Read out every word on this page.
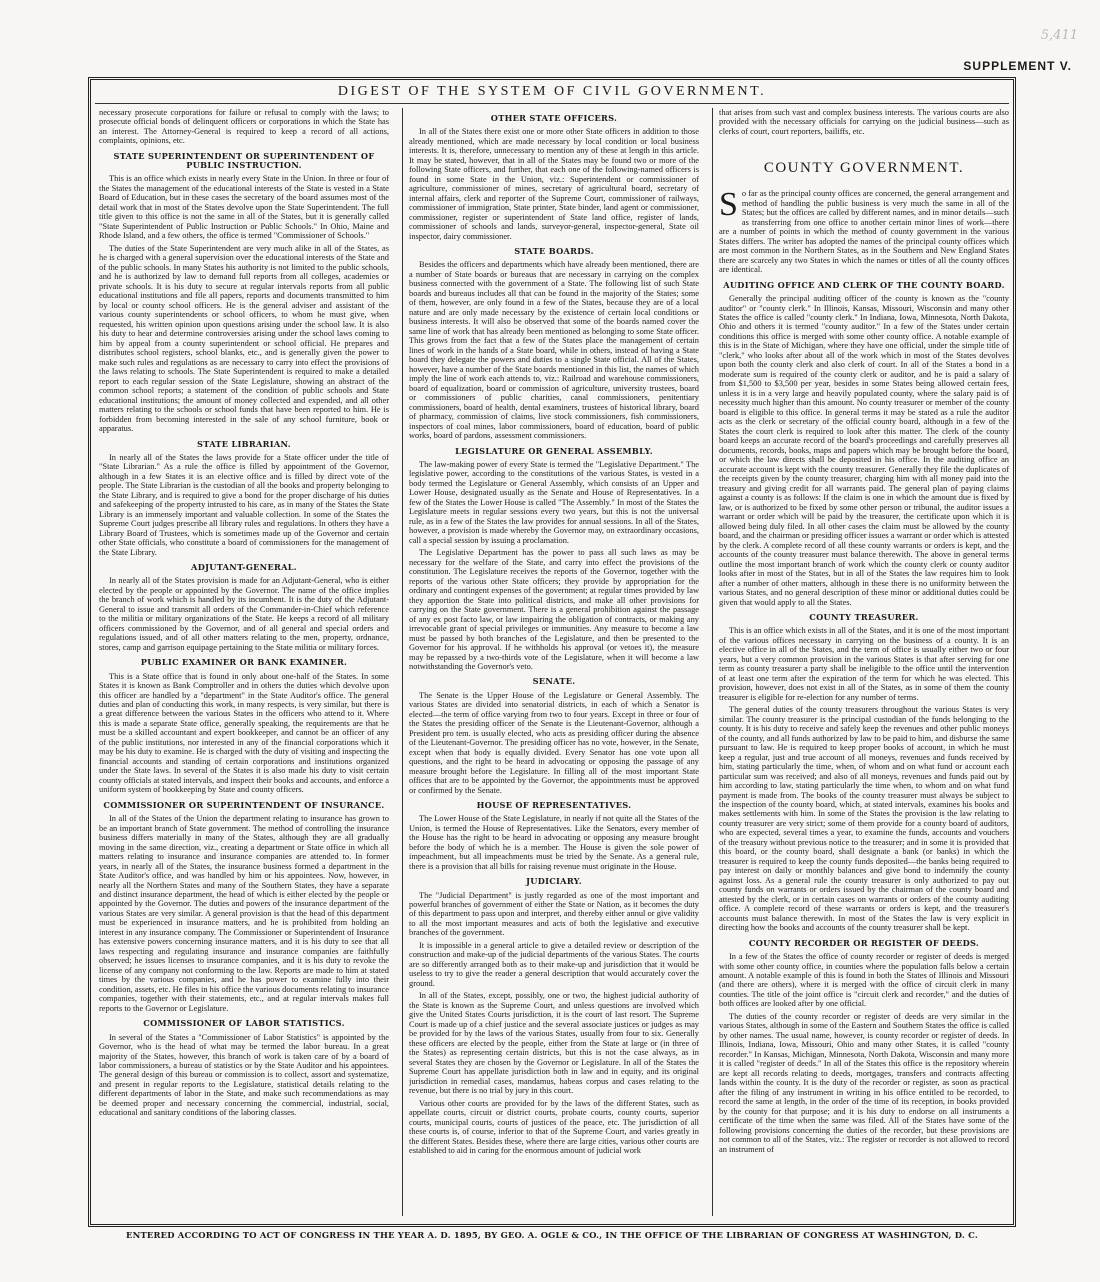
5,411
SUPPLEMENT V.
DIGEST OF THE SYSTEM OF CIVIL GOVERNMENT.

necessary prosecute corporations for failure or refusal to comply with the laws; to prosecute official bonds of delinquent officers or corporations in which the State has an interest. The Attorney-General is required to keep a record of all actions, complaints, opinions, etc.

STATE SUPERINTENDENT OR SUPERINTENDENT OF PUBLIC INSTRUCTION.

This is an office which exists in nearly every State in the Union. In three or four of the States the management of the educational interests of the State is vested in a State Board of Education, but in these cases the secretary of the board assumes most of the detail work that in most of the States devolve upon the State Superintendent. The full title given to this office is not the same in all of the States, but it is generally called "State Superintendent of Public Instruction or Public Schools." In Ohio, Maine and Rhode Island, and a few others, the office is termed "Commissioner of Schools."

The duties of the State Superintendent are very much alike in all of the States, as he is charged with a general supervision over the educational interests of the State and of the public schools. In many States his authority is not limited to the public schools, and he is authorized by law to demand full reports from all colleges, academies or private schools. It is his duty to secure at regular intervals reports from all public educational institutions and file all papers, reports and documents transmitted to him by local or county school officers. He is the general adviser and assistant of the various county superintendents or school officers, to whom he must give, when requested, his written opinion upon questions arising under the school law. It is also his duty to hear and determine controversies arising under the school laws coming to him by appeal from a county superintendent or school official. He prepares and distributes school registers, school blanks, etc., and is generally given the power to make such rules and regulations as are necessary to carry into effect the provisions of the laws relating to schools. The State Superintendent is required to make a detailed report to each regular session of the State Legislature, showing an abstract of the common school reports; a statement of the condition of public schools and State educational institutions; the amount of money collected and expended, and all other matters relating to the schools or school funds that have been reported to him. He is forbidden from becoming interested in the sale of any school furniture, book or apparatus.

STATE LIBRARIAN.

In nearly all of the States the laws provide for a State officer under the title of "State Librarian." As a rule the office is filled by appointment of the Governor, although in a few States it is an elective office and is filled by direct vote of the people. The State Librarian is the custodian of all the books and property belonging to the State Library, and is required to give a bond for the proper discharge of his duties and safekeeping of the property intrusted to his care, as in many of the States the State Library is an immensely important and valuable collection. In some of the States the Supreme Court judges prescribe all library rules and regulations. In others they have a Library Board of Trustees, which is sometimes made up of the Governor and certain other State officials, who constitute a board of commissioners for the management of the State Library.

ADJUTANT-GENERAL.

In nearly all of the States provision is made for an Adjutant-General, who is either elected by the people or appointed by the Governor. The name of the office implies the branch of work which is handled by its incumbent. It is the duty of the Adjutant-General to issue and transmit all orders of the Commander-in-Chief which reference to the militia or military organizations of the State. He keeps a record of all military officers commissioned by the Governor, and of all general and special orders and regulations issued, and of all other matters relating to the men, property, ordnance, stores, camp and garrison equipage pertaining to the State militia or military forces.

PUBLIC EXAMINER OR BANK EXAMINER.

This is a State office that is found in only about one-half of the States. In some States it is known as Bank Comptroller and in others the duties which devolve upon this officer are handled by a "department" in the State Auditor's office. The general duties and plan of conducting this work, in many respects, is very similar, but there is a great difference between the various States in the officers who attend to it. Where this is made a separate State office, generally speaking, the requirements are that he must be a skilled accountant and expert bookkeeper, and cannot be an officer of any of the public institutions, nor interested in any of the financial corporations which it may be his duty to examine. He is charged with the duty of visiting and inspecting the financial accounts and standing of certain corporations and institutions organized under the State laws. In several of the States it is also made his duty to visit certain county officials at stated intervals, and inspect their books and accounts, and enforce a uniform system of bookkeeping by State and county officers.

COMMISSIONER OR SUPERINTENDENT OF INSURANCE.

In all of the States of the Union the department relating to insurance has grown to be an important branch of State government. The method of controlling the insurance business differs materially in many of the States, although they are all gradually moving in the same direction, viz., creating a department or State office in which all matters relating to insurance and insurance companies are attended to. In former years, in nearly all of the States, the insurance business formed a department in the State Auditor's office, and was handled by him or his appointees. Now, however, in nearly all the Northern States and many of the Southern States, they have a separate and distinct insurance department, the head of which is either elected by the people or appointed by the Governor. The duties and powers of the insurance department of the various States are very similar. A general provision is that the head of this department must be experienced in insurance matters, and he is prohibited from holding an interest in any insurance company. The Commissioner or Superintendent of Insurance has extensive powers concerning insurance matters, and it is his duty to see that all laws respecting and regulating insurance and insurance companies are faithfully observed; he issues licenses to insurance companies, and it is his duty to revoke the license of any company not conforming to the law. Reports are made to him at stated times by the various companies, and he has power to examine fully into their condition, assets, etc. He files in his office the various documents relating to insurance companies, together with their statements, etc., and at regular intervals makes full reports to the Governor or Legislature.

COMMISSIONER OF LABOR STATISTICS.

In several of the States a "Commissioner of Labor Statistics" is appointed by the Governor, who is the head of what may be termed the labor bureau. In a great majority of the States, however, this branch of work is taken care of by a board of labor commissioners, a bureau of statistics or by the State Auditor and his appointees. The general design of this bureau or commission is to collect, assort and systematize, and present in regular reports to the Legislature, statistical details relating to the different departments of labor in the State, and make such recommendations as may be deemed proper and necessary concerning the commercial, industrial, social, educational and sanitary conditions of the laboring classes.

OTHER STATE OFFICERS.

In all of the States there exist one or more other State officers in addition to those already mentioned, which are made necessary by local condition or local business interests. It is, therefore, unnecessary to mention any of these at length in this article. It may be stated, however, that in all of the States may be found two or more of the following State officers, and further, that each one of the following-named officers is found in some State in the Union, viz.: Superintendent or commissioner of agriculture, commissioner of mines, secretary of agricultural board, secretary of internal affairs, clerk and reporter of the Supreme Court, commissioner of railways, commissioner of immigration, State printer, State binder, land agent or commissioner, commissioner, register or superintendent of State land office, register of lands, commissioner of schools and lands, surveyor-general, inspector-general, State oil inspector, dairy commissioner.

STATE BOARDS.

Besides the officers and departments which have already been mentioned, there are a number of State boards or bureaus that are necessary in carrying on the complex business connected with the government of a State. The following list of such State boards and bureaus includes all that can be found in the majority of the States; some of them, however, are only found in a few of the States, because they are of a local nature and are only made necessary by the existence of certain local conditions or business interests. It will also be observed that some of the boards named cover the same line of work that has already been mentioned as belonging to some State officer. This grows from the fact that a few of the States place the management of certain lines of work in the hands of a State board, while in others, instead of having a State board they delegate the powers and duties to a single State official. All of the States, however, have a number of the State boards mentioned in this list, the names of which imply the line of work each attends to, viz.: Railroad and warehouse commissioners, board of equalization, board or commission of agriculture, university trustees, board or commissioners of public charities, canal commissioners, penitentiary commissioners, board of health, dental examiners, trustees of historical library, board of pharmacy, commission of claims, live stock commissioners, fish commissioners, inspectors of coal mines, labor commissioners, board of education, board of public works, board of pardons, assessment commissioners.

LEGISLATURE OR GENERAL ASSEMBLY.

The law-making power of every State is termed the "Legislative Department." The legislative power, according to the constitutions of the various States, is vested in a body termed the Legislature or General Assembly, which consists of an Upper and Lower House, designated usually as the Senate and House of Representatives. In a few of the States the Lower House is called "The Assembly." In most of the States the Legislature meets in regular sessions every two years, but this is not the universal rule, as in a few of the States the law provides for annual sessions. In all of the States, however, a provision is made whereby the Governor may, on extraordinary occasions, call a special session by issuing a proclamation.

The Legislative Department has the power to pass all such laws as may be necessary for the welfare of the State, and carry into effect the provisions of the constitution. The Legislature receives the reports of the Governor, together with the reports of the various other State officers; they provide by appropriation for the ordinary and contingent expenses of the government; at regular times provided by law they apportion the State into political districts, and make all other provisions for carrying on the State government. There is a general prohibition against the passage of any ex post facto law, or law impairing the obligation of contracts, or making any irrevocable grant of special privileges or immunities. Any measure to become a law must be passed by both branches of the Legislature, and then be presented to the Governor for his approval. If he withholds his approval (or vetoes it), the measure may be repassed by a two-thirds vote of the Legislature, when it will become a law notwithstanding the Governor's veto.

SENATE.

The Senate is the Upper House of the Legislature or General Assembly. The various States are divided into senatorial districts, in each of which a Senator is elected—the term of office varying from two to four years. Except in three or four of the States the presiding officer of the Senate is the Lieutenant-Governor, although a President pro tem. is usually elected, who acts as presiding officer during the absence of the Lieutenant-Governor. The presiding officer has no vote, however, in the Senate, except when that body is equally divided. Every Senator has one vote upon all questions, and the right to be heard in advocating or opposing the passage of any measure brought before the Legislature. In filling all of the most important State offices that are to be appointed by the Governor, the appointments must be approved or confirmed by the Senate.

HOUSE OF REPRESENTATIVES.

The Lower House of the State Legislature, in nearly if not quite all the States of the Union, is termed the House of Representatives. Like the Senators, every member of the House has the right to be heard in advocating or opposing any measure brought before the body of which he is a member. The House is given the sole power of impeachment, but all impeachments must be tried by the Senate. As a general rule, there is a provision that all bills for raising revenue must originate in the House.

JUDICIARY.

The "Judicial Department" is justly regarded as one of the most important and powerful branches of government of either the State or Nation, as it becomes the duty of this department to pass upon and interpret, and thereby either annul or give validity to all the most important measures and acts of both the legislative and executive branches of the government.

It is impossible in a general article to give a detailed review or description of the construction and make-up of the judicial departments of the various States. The courts are so differently arranged both as to their make-up and jurisdiction that it would be useless to try to give the reader a general description that would accurately cover the ground.

In all of the States, except, possibly, one or two, the highest judicial authority of the State is known as the Supreme Court, and unless questions are involved which give the United States Courts jurisdiction, it is the court of last resort. The Supreme Court is made up of a chief justice and the several associate justices or judges as may be provided for by the laws of the various States, usually from four to six. Generally these officers are elected by the people, either from the State at large or (in three of the States) as representing certain districts, but this is not the case always, as in several States they are chosen by the Governor or Legislature. In all of the States the Supreme Court has appellate jurisdiction both in law and in equity, and its original jurisdiction in remedial cases, mandamus, habeas corpus and cases relating to the revenue, but there is no trial by jury in this court.

Various other courts are provided for by the laws of the different States, such as appellate courts, circuit or district courts, probate courts, county courts, superior courts, municipal courts, courts of justices of the peace, etc. The jurisdiction of all these courts is, of course, inferior to that of the Supreme Court, and varies greatly in the different States. Besides these, where there are large cities, various other courts are established to aid in caring for the enormous amount of judicial work

that arises from such vast and complex business interests. The various courts are also provided with the necessary officials for carrying on the judicial business—such as clerks of court, court reporters, bailiffs, etc.

COUNTY GOVERNMENT.

So far as the principal county offices are concerned, the general arrangement and method of handling the public business is very much the same in all of the States; but the offices are called by different names, and in minor details—such as transferring from one office to another certain minor lines of work—there are a number of points in which the method of county government in the various States differs. The writer has adopted the names of the principal county offices which are most common in the Northern States, as in the Southern and New England States there are scarcely any two States in which the names or titles of all the county offices are identical.

AUDITING OFFICE AND CLERK OF THE COUNTY BOARD.

Generally the principal auditing officer of the county is known as the "county auditor" or "county clerk." In Illinois, Kansas, Missouri, Wisconsin and many other States the office is called "county clerk." In Indiana, Iowa, Minnesota, North Dakota, Ohio and others it is termed "county auditor." In a few of the States under certain conditions this office is merged with some other county office. A notable example of this is in the State of Michigan, where they have one official, under the simple title of "clerk," who looks after about all of the work which in most of the States devolves upon both the county clerk and also clerk of court. In all of the States a bond in a moderate sum is required of the county clerk or auditor, and he is paid a salary of from $1,500 to $3,500 per year, besides in some States being allowed certain fees, unless it is in a very large and heavily populated county, where the salary paid is of necessity much higher than this amount. No county treasurer or member of the county board is eligible to this office. In general terms it may be stated as a rule the auditor acts as the clerk or secretary of the official county board, although in a few of the States the court clerk is required to look after this matter. The clerk of the county board keeps an accurate record of the board's proceedings and carefully preserves all documents, records, books, maps and papers which may be brought before the board, or which the law directs shall be deposited in his office. In the auditing office an accurate account is kept with the county treasurer. Generally they file the duplicates of the receipts given by the county treasurer, charging him with all money paid into the treasury and giving credit for all warrants paid. The general plan of paying claims against a county is as follows: If the claim is one in which the amount due is fixed by law, or is authorized to be fixed by some other person or tribunal, the auditor issues a warrant or order which will be paid by the treasurer, the certificate upon which it is allowed being duly filed. In all other cases the claim must be allowed by the county board, and the chairman or presiding officer issues a warrant or order which is attested by the clerk. A complete record of all these county warrants or orders is kept, and the accounts of the county treasurer must balance therewith. The above in general terms outline the most important branch of work which the county clerk or county auditor looks after in most of the States, but in all of the States the law requires him to look after a number of other matters, although in these there is no uniformity between the various States, and no general description of these minor or additional duties could be given that would apply to all the States.

COUNTY TREASURER.

This is an office which exists in all of the States, and it is one of the most important of the various offices necessary in carrying on the business of a county. It is an elective office in all of the States, and the term of office is usually either two or four years, but a very common provision in the various States is that after serving for one term as county treasurer a party shall be ineligible to the office until the intervention of at least one term after the expiration of the term for which he was elected. This provision, however, does not exist in all of the States, as in some of them the county treasurer is eligible for re-election for any number of terms.

The general duties of the county treasurers throughout the various States is very similar. The county treasurer is the principal custodian of the funds belonging to the county. It is his duty to receive and safely keep the revenues and other public moneys of the county, and all funds authorized by law to be paid to him, and disburse the same pursuant to law. He is required to keep proper books of account, in which he must keep a regular, just and true account of all moneys, revenues and funds received by him, stating particularly the time, when, of whom and on what fund or account each particular sum was received; and also of all moneys, revenues and funds paid out by him according to law, stating particularly the time when, to whom and on what fund payment is made from. The books of the county treasurer must always be subject to the inspection of the county board, which, at stated intervals, examines his books and makes settlements with him. In some of the States the provision is the law relating to county treasurer are very strict; some of them provide for a county board of auditors, who are expected, several times a year, to examine the funds, accounts and vouchers of the treasury without previous notice to the treasurer; and in some it is provided that this board, or the county board, shall designate a bank (or banks) in which the treasurer is required to keep the county funds deposited—the banks being required to pay interest on daily or monthly balances and give bond to indemnify the county against loss. As a general rule the county treasurer is only authorized to pay out county funds on warrants or orders issued by the chairman of the county board and attested by the clerk, or in certain cases on warrants or orders of the county auditing office. A complete record of these warrants or orders is kept, and the treasurer's accounts must balance therewith. In most of the States the law is very explicit in directing how the books and accounts of the county treasurer shall be kept.

COUNTY RECORDER OR REGISTER OF DEEDS.

In a few of the States the office of county recorder or register of deeds is merged with some other county office, in counties where the population falls below a certain amount. A notable example of this is found in both the States of Illinois and Missouri (and there are others), where it is merged with the office of circuit clerk in many counties. The title of the joint office is "circuit clerk and recorder," and the duties of both offices are looked after by one official.

The duties of the county recorder or register of deeds are very similar in the various States, although in some of the Eastern and Southern States the office is called by other names. The usual name, however, is county recorder or register of deeds. In Illinois, Indiana, Iowa, Missouri, Ohio and many other States, it is called "county recorder." In Kansas, Michigan, Minnesota, North Dakota, Wisconsin and many more it is called "register of deeds." In all of the States this office is the repository wherein are kept all records relating to deeds, mortgages, transfers and contracts affecting lands within the county. It is the duty of the recorder or register, as soon as practical after the filing of any instrument in writing in his office entitled to be recorded, to record the same at length, in the order of the time of its reception, in books provided by the county for that purpose; and it is his duty to endorse on all instruments a certificate of the time when the same was filed. All of the States have some of the following provisions concerning the duties of the recorder, but these provisions are not common to all of the States, viz.: The register or recorder is not allowed to record an instrument of

ENTERED ACCORDING TO ACT OF CONGRESS IN THE YEAR A. D. 1895, BY GEO. A. OGLE & CO., IN THE OFFICE OF THE LIBRARIAN OF CONGRESS AT WASHINGTON, D. C.
